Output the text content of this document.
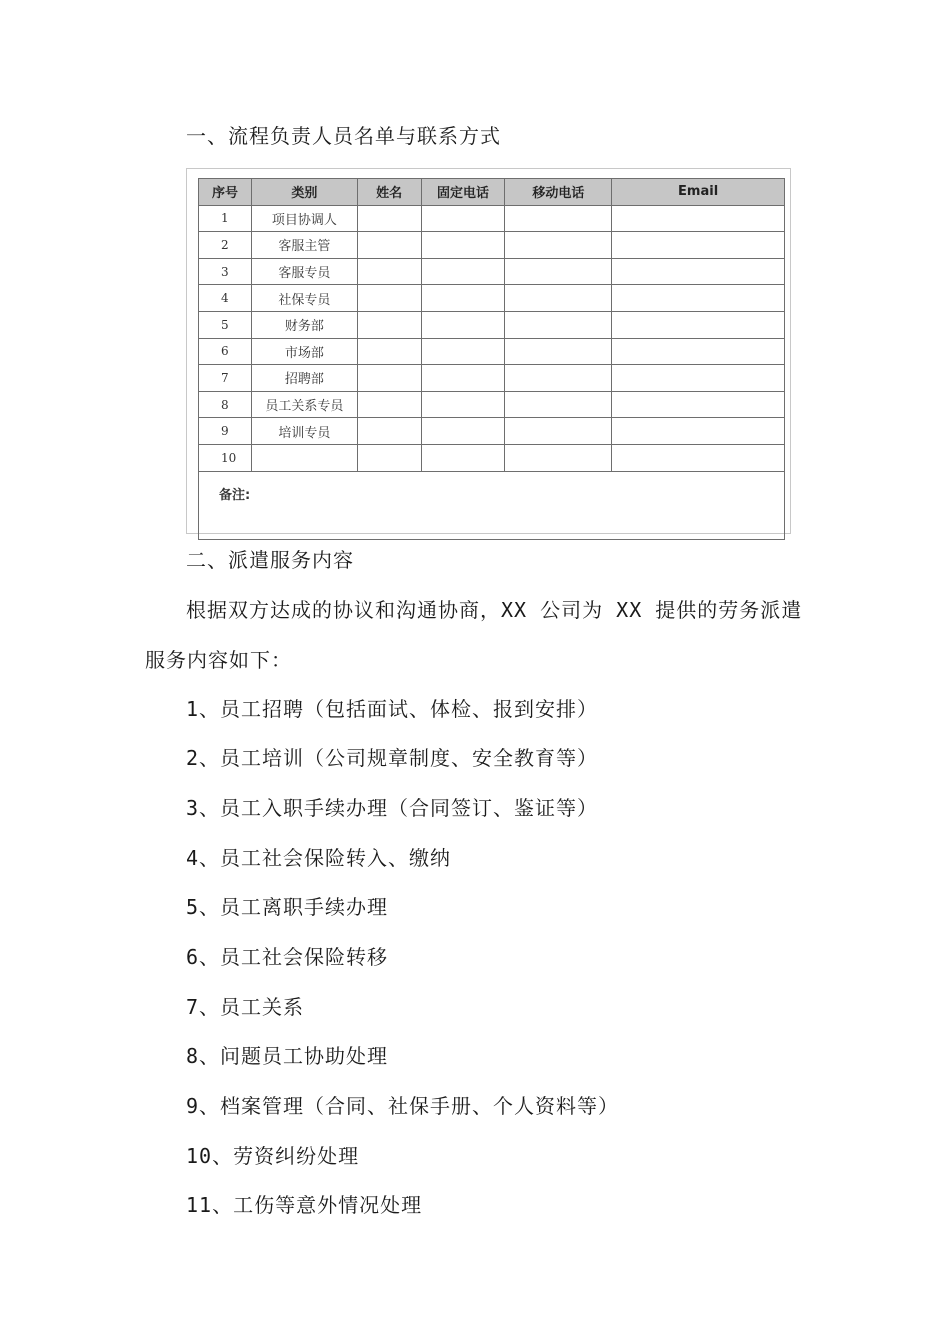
一、流程负责人员名单与联系方式
序号	类别	姓名	固定电话	移动电话	Email
1	项目协调人				
2	客服主管				
3	客服专员				
4	社保专员				
5	财务部				
6	市场部				
7	招聘部				
8	员工关系专员				
9	培训专员				
10					
备注:					
二、派遣服务内容
根据双方达成的协议和沟通协商，XX 公司为 XX 提供的劳务派遣
服务内容如下：
1、员工招聘（包括面试、体检、报到安排）
2、员工培训（公司规章制度、安全教育等）
3、员工入职手续办理（合同签订、鉴证等）
4、员工社会保险转入、缴纳
5、员工离职手续办理
6、员工社会保险转移
7、员工关系
8、问题员工协助处理
9、档案管理（合同、社保手册、个人资料等）
10、劳资纠纷处理
11、工伤等意外情况处理
